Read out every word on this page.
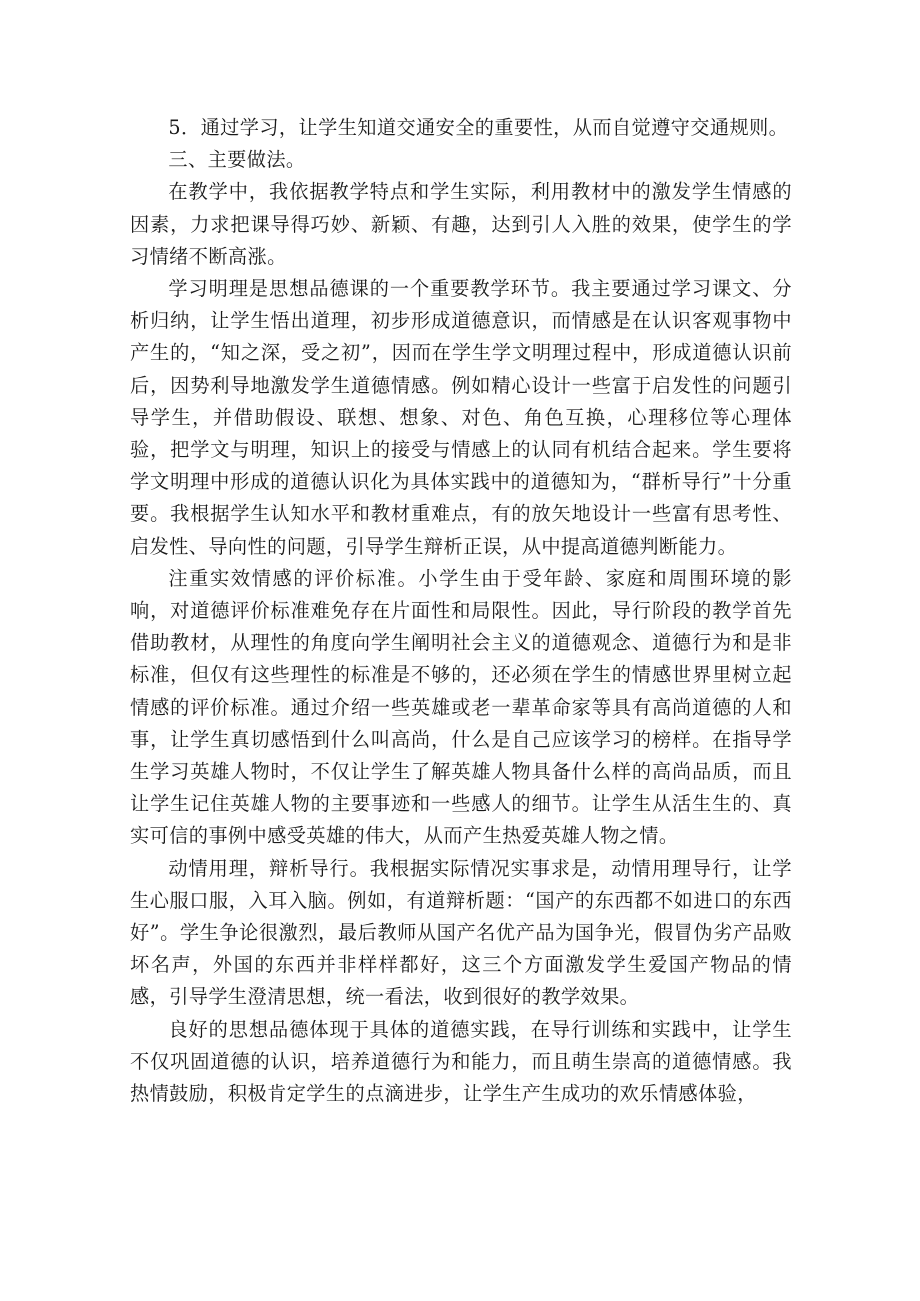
5．通过学习，让学生知道交通安全的重要性，从而自觉遵守交通规则。

三、主要做法。

在教学中，我依据教学特点和学生实际，利用教材中的激发学生情感的因素，力求把课导得巧妙、新颖、有趣，达到引人入胜的效果，使学生的学习情绪不断高涨。

学习明理是思想品德课的一个重要教学环节。我主要通过学习课文、分析归纳，让学生悟出道理，初步形成道德意识，而情感是在认识客观事物中产生的，“知之深，受之初”，因而在学生学文明理过程中，形成道德认识前后，因势利导地激发学生道德情感。例如精心设计一些富于启发性的问题引导学生，并借助假设、联想、想象、对色、角色互换，心理移位等心理体验，把学文与明理，知识上的接受与情感上的认同有机结合起来。学生要将学文明理中形成的道德认识化为具体实践中的道德知为，“群析导行”十分重要。我根据学生认知水平和教材重难点，有的放矢地设计一些富有思考性、启发性、导向性的问题，引导学生辩析正误，从中提高道德判断能力。

注重实效情感的评价标准。小学生由于受年龄、家庭和周围环境的影响，对道德评价标准难免存在片面性和局限性。因此，导行阶段的教学首先借助教材，从理性的角度向学生阐明社会主义的道德观念、道德行为和是非标准，但仅有这些理性的标准是不够的，还必须在学生的情感世界里树立起情感的评价标准。通过介绍一些英雄或老一辈革命家等具有高尚道德的人和事，让学生真切感悟到什么叫高尚，什么是自己应该学习的榜样。在指导学生学习英雄人物时，不仅让学生了解英雄人物具备什么样的高尚品质，而且让学生记住英雄人物的主要事迹和一些感人的细节。让学生从活生生的、真实可信的事例中感受英雄的伟大，从而产生热爱英雄人物之情。

动情用理，辩析导行。我根据实际情况实事求是，动情用理导行，让学生心服口服，入耳入脑。例如，有道辩析题：“国产的东西都不如进口的东西好”。学生争论很激烈，最后教师从国产名优产品为国争光，假冒伪劣产品败坏名声，外国的东西并非样样都好，这三个方面激发学生爱国产物品的情感，引导学生澄清思想，统一看法，收到很好的教学效果。

良好的思想品德体现于具体的道德实践，在导行训练和实践中，让学生不仅巩固道德的认识，培养道德行为和能力，而且萌生崇高的道德情感。我热情鼓励，积极肯定学生的点滴进步，让学生产生成功的欢乐情感体验，
